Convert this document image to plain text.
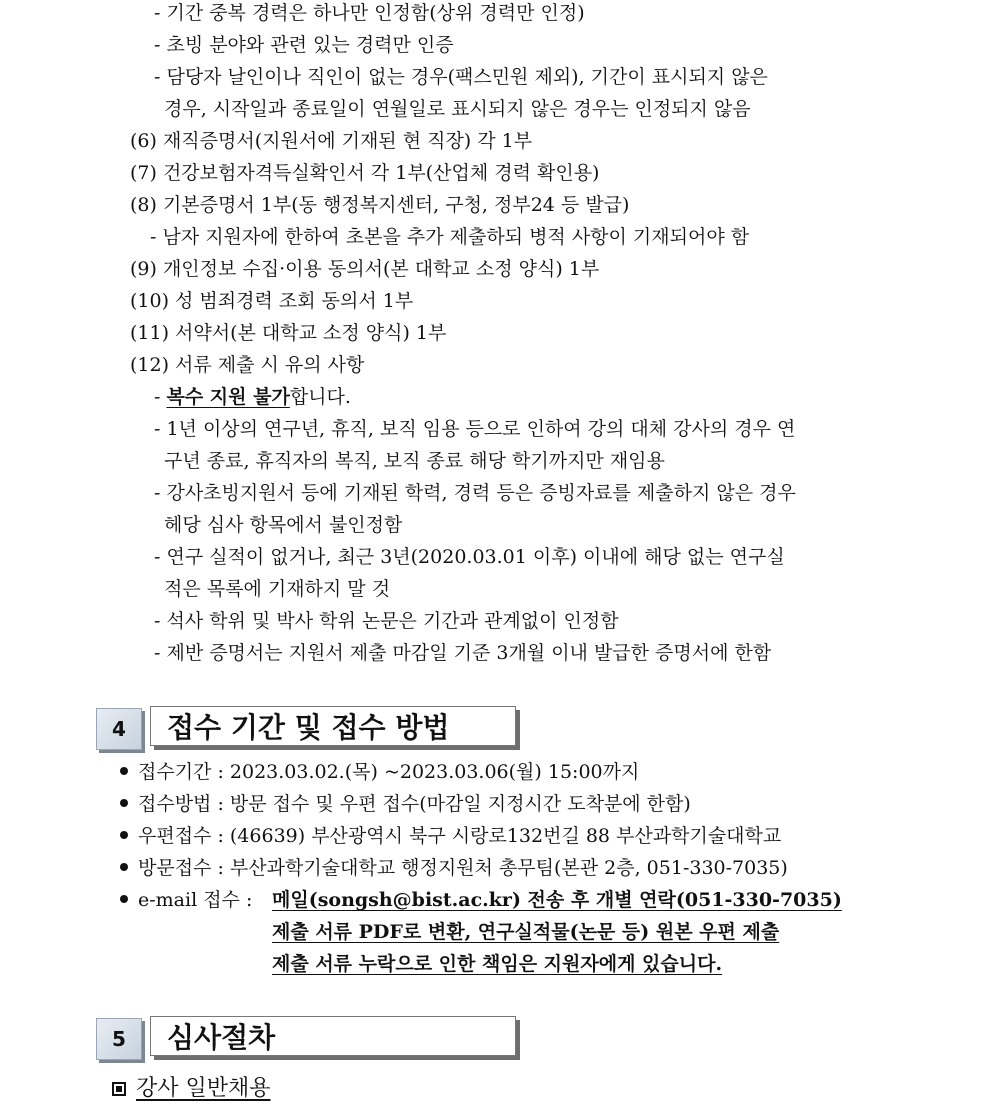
- 기간 중복 경력은 하나만 인정함(상위 경력만 인정)
- 초빙 분야와 관련 있는 경력만 인증
- 담당자 날인이나 직인이 없는 경우(팩스민원 제외), 기간이 표시되지 않은
경우, 시작일과 종료일이 연월일로 표시되지 않은 경우는 인정되지 않음
(6) 재직증명서(지원서에 기재된 현 직장) 각 1부
(7) 건강보험자격득실확인서 각 1부(산업체 경력 확인용)
(8) 기본증명서 1부(동 행정복지센터, 구청, 정부24 등 발급)
- 남자 지원자에 한하여 초본을 추가 제출하되 병적 사항이 기재되어야 함
(9) 개인정보 수집·이용 동의서(본 대학교 소정 양식) 1부
(10) 성 범죄경력 조회 동의서 1부
(11) 서약서(본 대학교 소정 양식) 1부
(12) 서류 제출 시 유의 사항
- 복수 지원 불가합니다.
- 1년 이상의 연구년, 휴직, 보직 임용 등으로 인하여 강의 대체 강사의 경우 연
구년 종료, 휴직자의 복직, 보직 종료 해당 학기까지만 재임용
- 강사초빙지원서 등에 기재된 학력, 경력 등은 증빙자료를 제출하지 않은 경우
헤당 심사 항목에서 불인정함
- 연구 실적이 없거나, 최근 3년(2020.03.01 이후) 이내에 해당 없는 연구실
적은 목록에 기재하지 말 것
- 석사 학위 및 박사 학위 논문은 기간과 관계없이 인정함
- 제반 증명서는 지원서 제출 마감일 기준 3개월 이내 발급한 증명서에 한함
4	접수 기간 및 접수 방법
접수기간 : 2023.03.02.(목) ~2023.03.06(월) 15:00까지
접수방법 : 방문 접수 및 우편 접수(마감일 지정시간 도착분에 한함)
우편접수 : (46639) 부산광역시 북구 시랑로132번길 88 부산과학기술대학교
방문접수 : 부산과학기술대학교 행정지원처 총무팀(본관 2층, 051-330-7035)
e-mail 접수 : 메일(songsh@bist.ac.kr) 전송 후 개별 연락(051-330-7035)
제출 서류 PDF로 변환, 연구실적물(논문 등) 원본 우편 제출
제출 서류 누락으로 인한 책임은 지원자에게 있습니다.
5	심사절차
강사 일반채용
